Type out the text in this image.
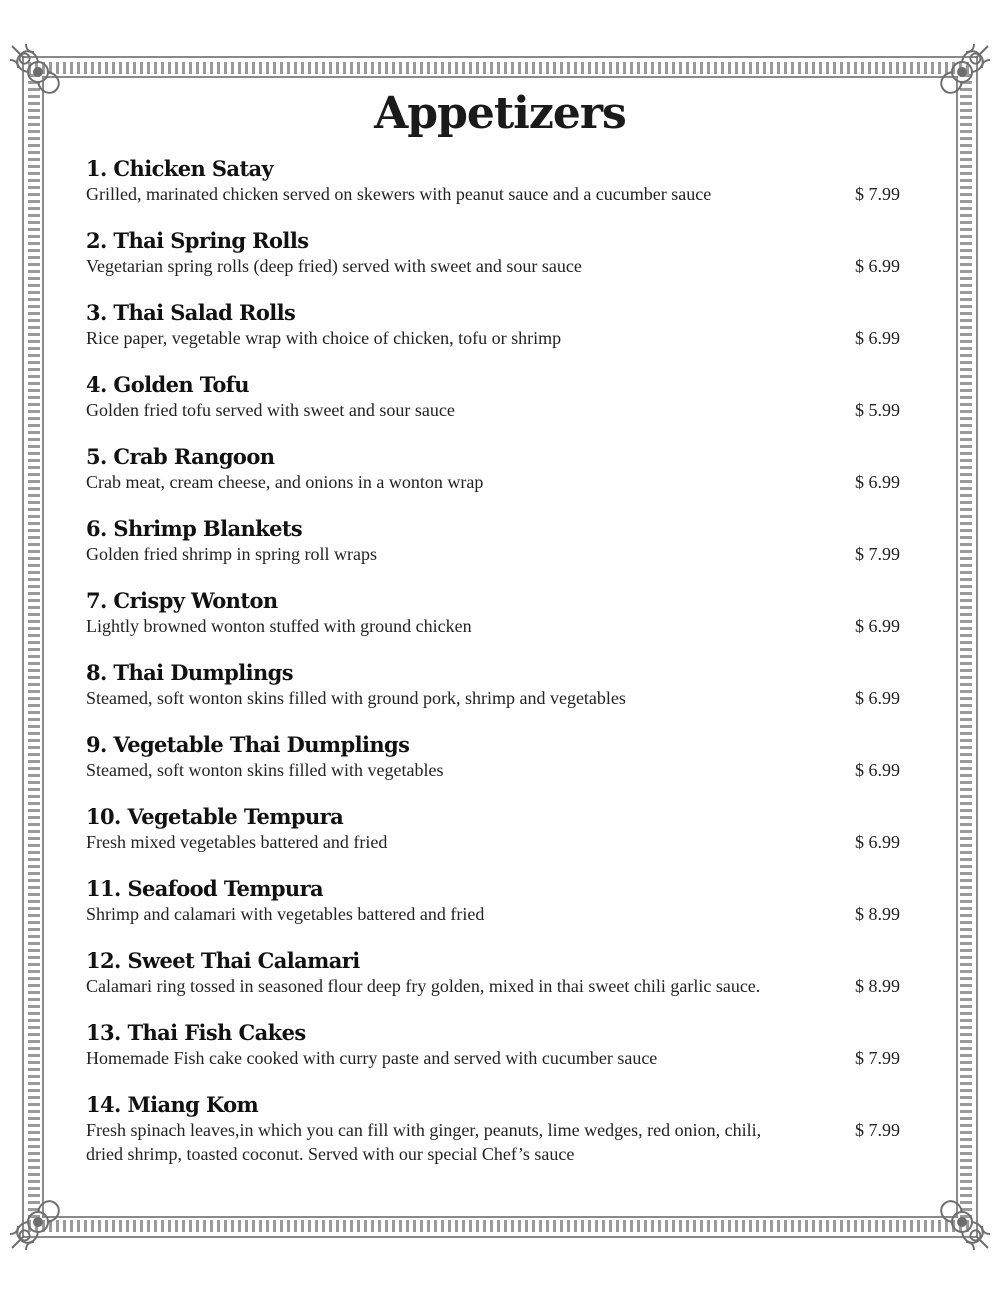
Appetizers
1. Chicken Satay
Grilled, marinated chicken served on skewers with peanut sauce and a cucumber sauce	$ 7.99
2. Thai Spring Rolls
Vegetarian spring rolls (deep fried) served with sweet and sour sauce	$ 6.99
3. Thai Salad Rolls
Rice paper, vegetable wrap with choice of chicken, tofu or shrimp	$ 6.99
4. Golden Tofu
Golden fried tofu served with sweet and sour sauce	$ 5.99
5. Crab Rangoon
Crab meat, cream cheese, and onions in a wonton wrap	$ 6.99
6. Shrimp Blankets
Golden fried shrimp in spring roll wraps	$ 7.99
7. Crispy Wonton
Lightly browned wonton stuffed with ground chicken	$ 6.99
8. Thai Dumplings
Steamed, soft wonton skins filled with ground pork, shrimp and vegetables	$ 6.99
9. Vegetable Thai Dumplings
Steamed, soft wonton skins filled with vegetables	$ 6.99
10. Vegetable Tempura
Fresh mixed vegetables battered and fried	$ 6.99
11. Seafood Tempura
Shrimp and calamari with vegetables battered and fried	$ 8.99
12. Sweet Thai Calamari
Calamari ring tossed in seasoned flour deep fry golden, mixed in thai sweet chili garlic sauce.	$ 8.99
13. Thai Fish Cakes
Homemade Fish cake cooked with curry paste and served with cucumber sauce	$ 7.99
14. Miang Kom
Fresh spinach leaves,in which you can fill with ginger, peanuts, lime wedges, red onion, chili, dried shrimp, toasted coconut. Served with our special Chef’s sauce
$ 7.99
